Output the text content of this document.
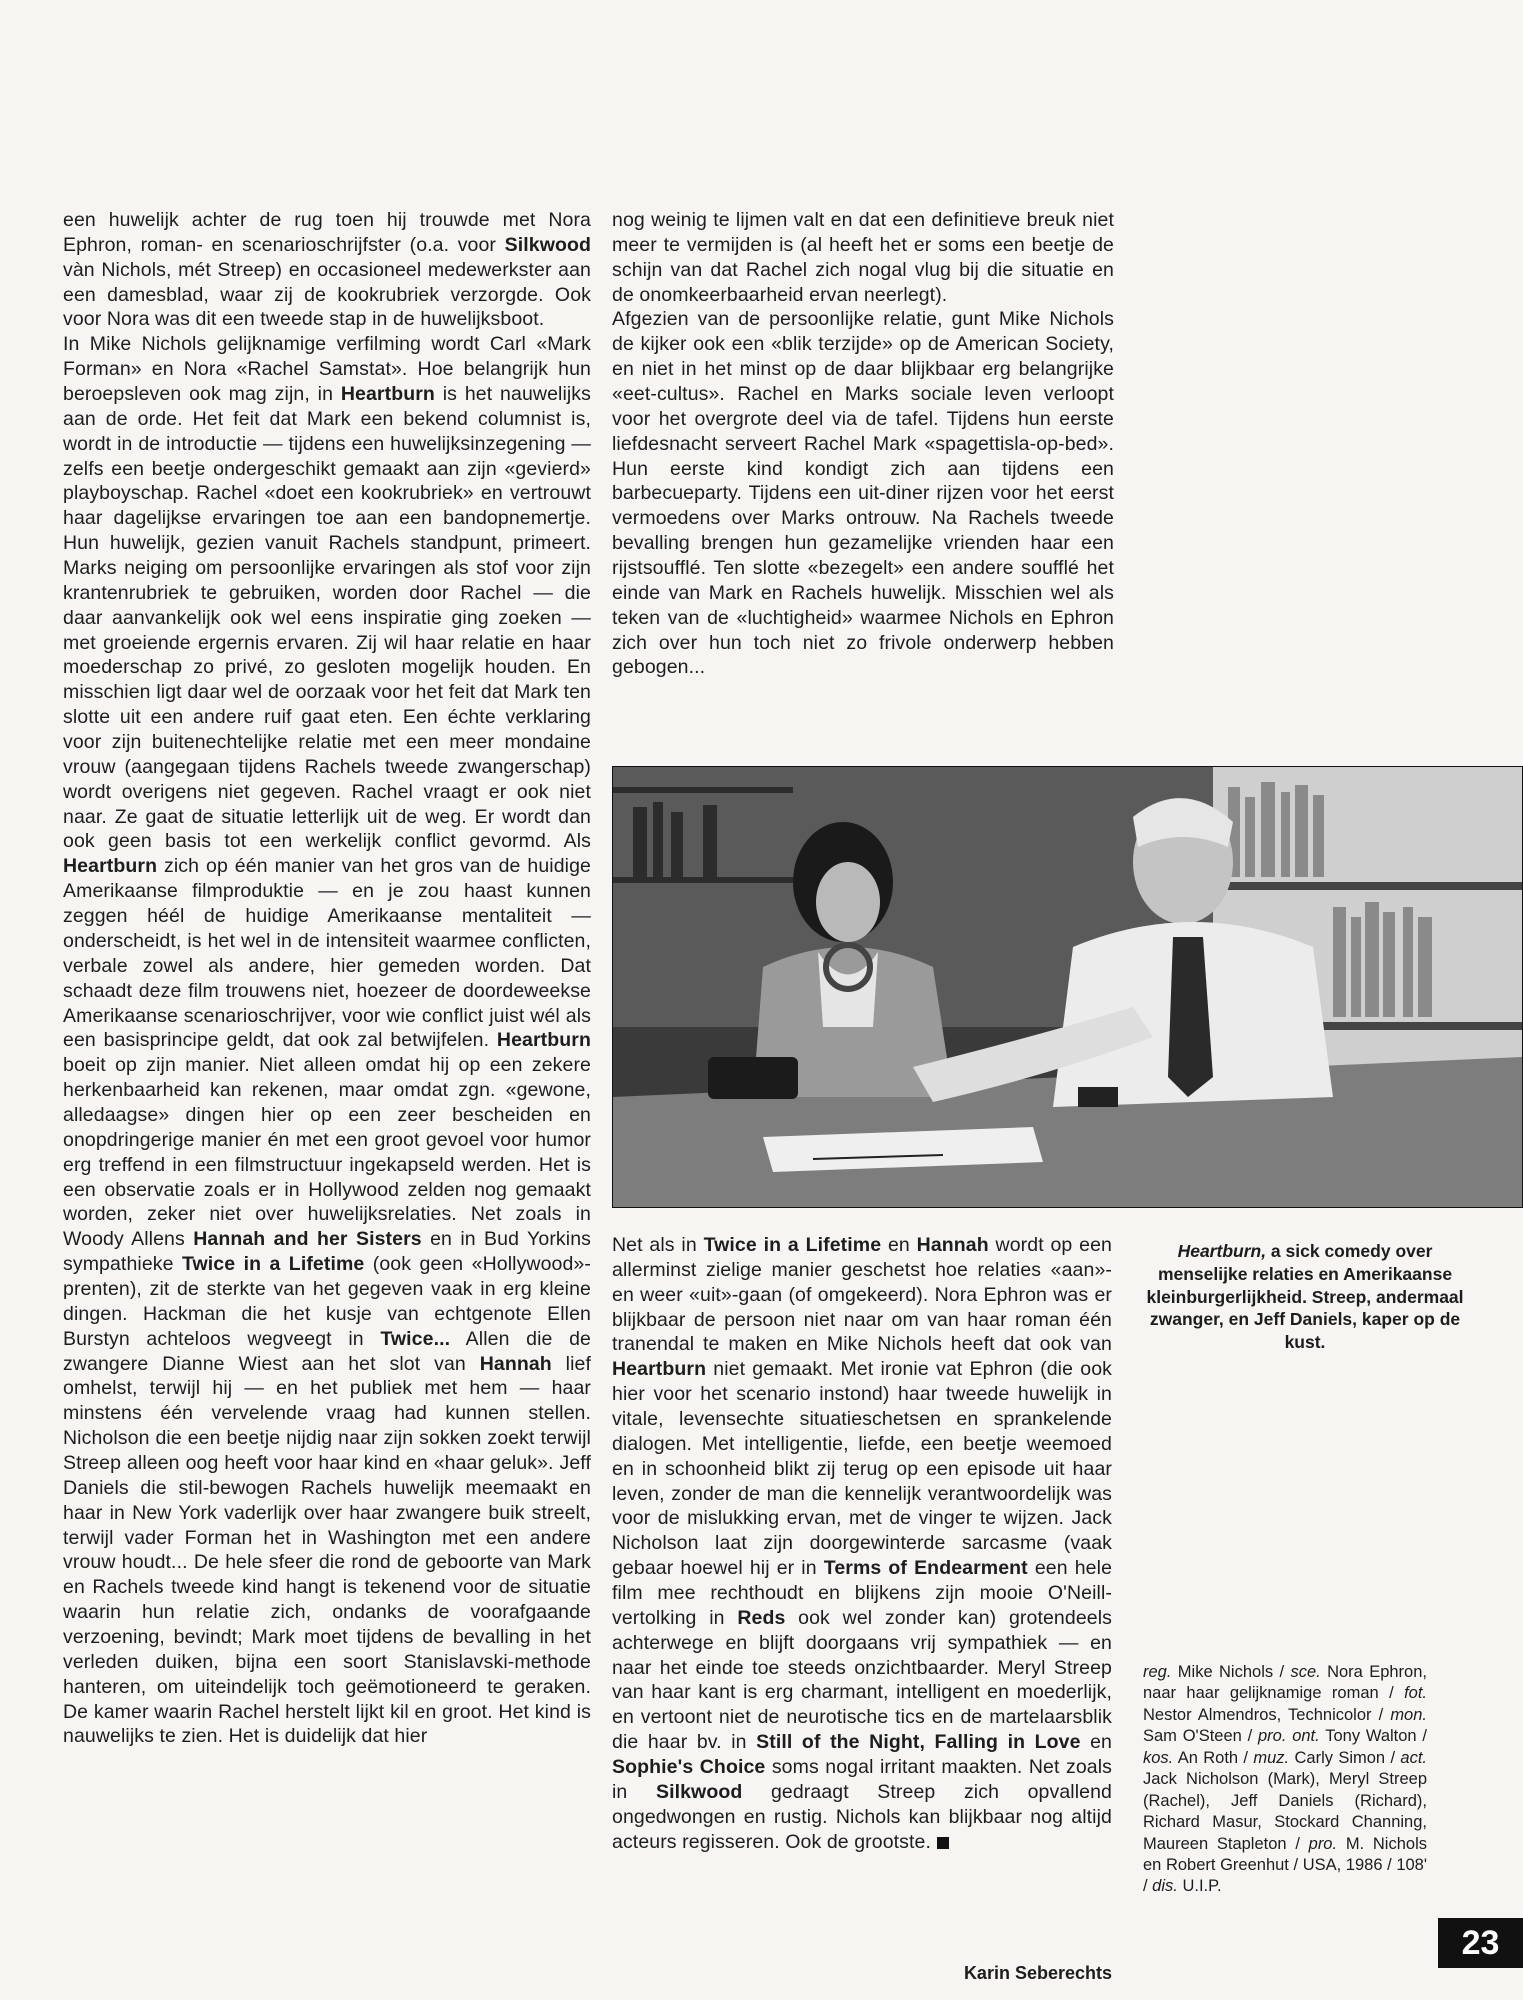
een huwelijk achter de rug toen hij trouwde met Nora Ephron, roman- en scenarioschrijfster (o.a. voor Silkwood vàn Nichols, mét Streep) en occasioneel medewerkster aan een damesblad, waar zij de kookrubriek verzorgde. Ook voor Nora was dit een tweede stap in de huwelijksboot.

In Mike Nichols gelijknamige verfilming wordt Carl «Mark Forman» en Nora «Rachel Samstat». Hoe belangrijk hun beroepsleven ook mag zijn, in Heartburn is het nauwelijks aan de orde. Het feit dat Mark een bekend columnist is, wordt in de introductie — tijdens een huwelijksinzegening — zelfs een beetje ondergeschikt gemaakt aan zijn «gevierd» playboyschap. Rachel «doet een kookrubriek» en vertrouwt haar dagelijkse ervaringen toe aan een bandopnemertje. Hun huwelijk, gezien vanuit Rachels standpunt, primeert. Marks neiging om persoonlijke ervaringen als stof voor zijn krantenrubriek te gebruiken, worden door Rachel — die daar aanvankelijk ook wel eens inspiratie ging zoeken — met groeiende ergernis ervaren. Zij wil haar relatie en haar moederschap zo privé, zo gesloten mogelijk houden. En misschien ligt daar wel de oorzaak voor het feit dat Mark ten slotte uit een andere ruif gaat eten. Een échte verklaring voor zijn buitenechtelijke relatie met een meer mondaine vrouw (aangegaan tijdens Rachels tweede zwangerschap) wordt overigens niet gegeven. Rachel vraagt er ook niet naar. Ze gaat de situatie letterlijk uit de weg. Er wordt dan ook geen basis tot een werkelijk conflict gevormd. Als Heartburn zich op één manier van het gros van de huidige Amerikaanse filmproduktie — en je zou haast kunnen zeggen héél de huidige Amerikaanse mentaliteit — onderscheidt, is het wel in de intensiteit waarmee conflicten, verbale zowel als andere, hier gemeden worden. Dat schaadt deze film trouwens niet, hoezeer de doordeweekse Amerikaanse scenarioschrijver, voor wie conflict juist wél als een basisprincipe geldt, dat ook zal betwijfelen. Heartburn boeit op zijn manier. Niet alleen omdat hij op een zekere herkenbaarheid kan rekenen, maar omdat zgn. «gewone, alledaagse» dingen hier op een zeer bescheiden en onopdringerige manier én met een groot gevoel voor humor erg treffend in een filmstructuur ingekapseld werden. Het is een observatie zoals er in Hollywood zelden nog gemaakt worden, zeker niet over huwelijksrelaties. Net zoals in Woody Allens Hannah and her Sisters en in Bud Yorkins sympathieke Twice in a Lifetime (ook geen «Hollywood»-prenten), zit de sterkte van het gegeven vaak in erg kleine dingen. Hackman die het kusje van echtgenote Ellen Burstyn achteloos wegveegt in Twice... Allen die de zwangere Dianne Wiest aan het slot van Hannah lief omhelst, terwijl hij — en het publiek met hem — haar minstens één vervelende vraag had kunnen stellen. Nicholson die een beetje nijdig naar zijn sokken zoekt terwijl Streep alleen oog heeft voor haar kind en «haar geluk». Jeff Daniels die stil-bewogen Rachels huwelijk meemaakt en haar in New York vaderlijk over haar zwangere buik streelt, terwijl vader Forman het in Washington met een andere vrouw houdt... De hele sfeer die rond de geboorte van Mark en Rachels tweede kind hangt is tekenend voor de situatie waarin hun relatie zich, ondanks de voorafgaande verzoening, bevindt; Mark moet tijdens de bevalling in het verleden duiken, bijna een soort Stanislavski-methode hanteren, om uiteindelijk toch geëmotioneerd te geraken. De kamer waarin Rachel herstelt lijkt kil en groot. Het kind is nauwelijks te zien. Het is duidelijk dat hier

nog weinig te lijmen valt en dat een definitieve breuk niet meer te vermijden is (al heeft het er soms een beetje de schijn van dat Rachel zich nogal vlug bij die situatie en de onomkeerbaarheid ervan neerlegt).

Afgezien van de persoonlijke relatie, gunt Mike Nichols de kijker ook een «blik terzijde» op de American Society, en niet in het minst op de daar blijkbaar erg belangrijke «eet-cultus». Rachel en Marks sociale leven verloopt voor het overgrote deel via de tafel. Tijdens hun eerste liefdesnacht serveert Rachel Mark «spagettisla-op-bed». Hun eerste kind kondigt zich aan tijdens een barbecueparty. Tijdens een uit-diner rijzen voor het eerst vermoedens over Marks ontrouw. Na Rachels tweede bevalling brengen hun gezamelijke vrienden haar een rijstsoufflé. Ten slotte «bezegelt» een andere soufflé het einde van Mark en Rachels huwelijk. Misschien wel als teken van de «luchtigheid» waarmee Nichols en Ephron zich over hun toch niet zo frivole onderwerp hebben gebogen...

Heartburn, a sick comedy over menselijke relaties en Amerikaanse kleinburgerlijkheid. Streep, andermaal zwanger, en Jeff Daniels, kaper op de kust.

Net als in Twice in a Lifetime en Hannah wordt op een allerminst zielige manier geschetst hoe relaties «aan»- en weer «uit»-gaan (of omgekeerd). Nora Ephron was er blijkbaar de persoon niet naar om van haar roman één tranendal te maken en Mike Nichols heeft dat ook van Heartburn niet gemaakt. Met ironie vat Ephron (die ook hier voor het scenario instond) haar tweede huwelijk in vitale, levensechte situatieschetsen en sprankelende dialogen. Met intelligentie, liefde, een beetje weemoed en in schoonheid blikt zij terug op een episode uit haar leven, zonder de man die kennelijk verantwoordelijk was voor de mislukking ervan, met de vinger te wijzen. Jack Nicholson laat zijn doorgewinterde sarcasme (vaak gebaar hoewel hij er in Terms of Endearment een hele film mee rechthoudt en blijkens zijn mooie O'Neill-vertolking in Reds ook wel zonder kan) grotendeels achterwege en blijft doorgaans vrij sympathiek — en naar het einde toe steeds onzichtbaarder. Meryl Streep van haar kant is erg charmant, intelligent en moederlijk, en vertoont niet de neurotische tics en de martelaarsblik die haar bv. in Still of the Night, Falling in Love en Sophie's Choice soms nogal irritant maakten. Net zoals in Silkwood gedraagt Streep zich opvallend ongedwongen en rustig. Nichols kan blijkbaar nog altijd acteurs regisseren. Ook de grootste.

reg. Mike Nichols / sce. Nora Ephron, naar haar gelijknamige roman / fot. Nestor Almendros, Technicolor / mon. Sam O'Steen / pro. ont. Tony Walton / kos. An Roth / muz. Carly Simon / act. Jack Nicholson (Mark), Meryl Streep (Rachel), Jeff Daniels (Richard), Richard Masur, Stockard Channing, Maureen Stapleton / pro. M. Nichols en Robert Greenhut / USA, 1986 / 108' / dis. U.I.P.
Karin Seberechts
23
